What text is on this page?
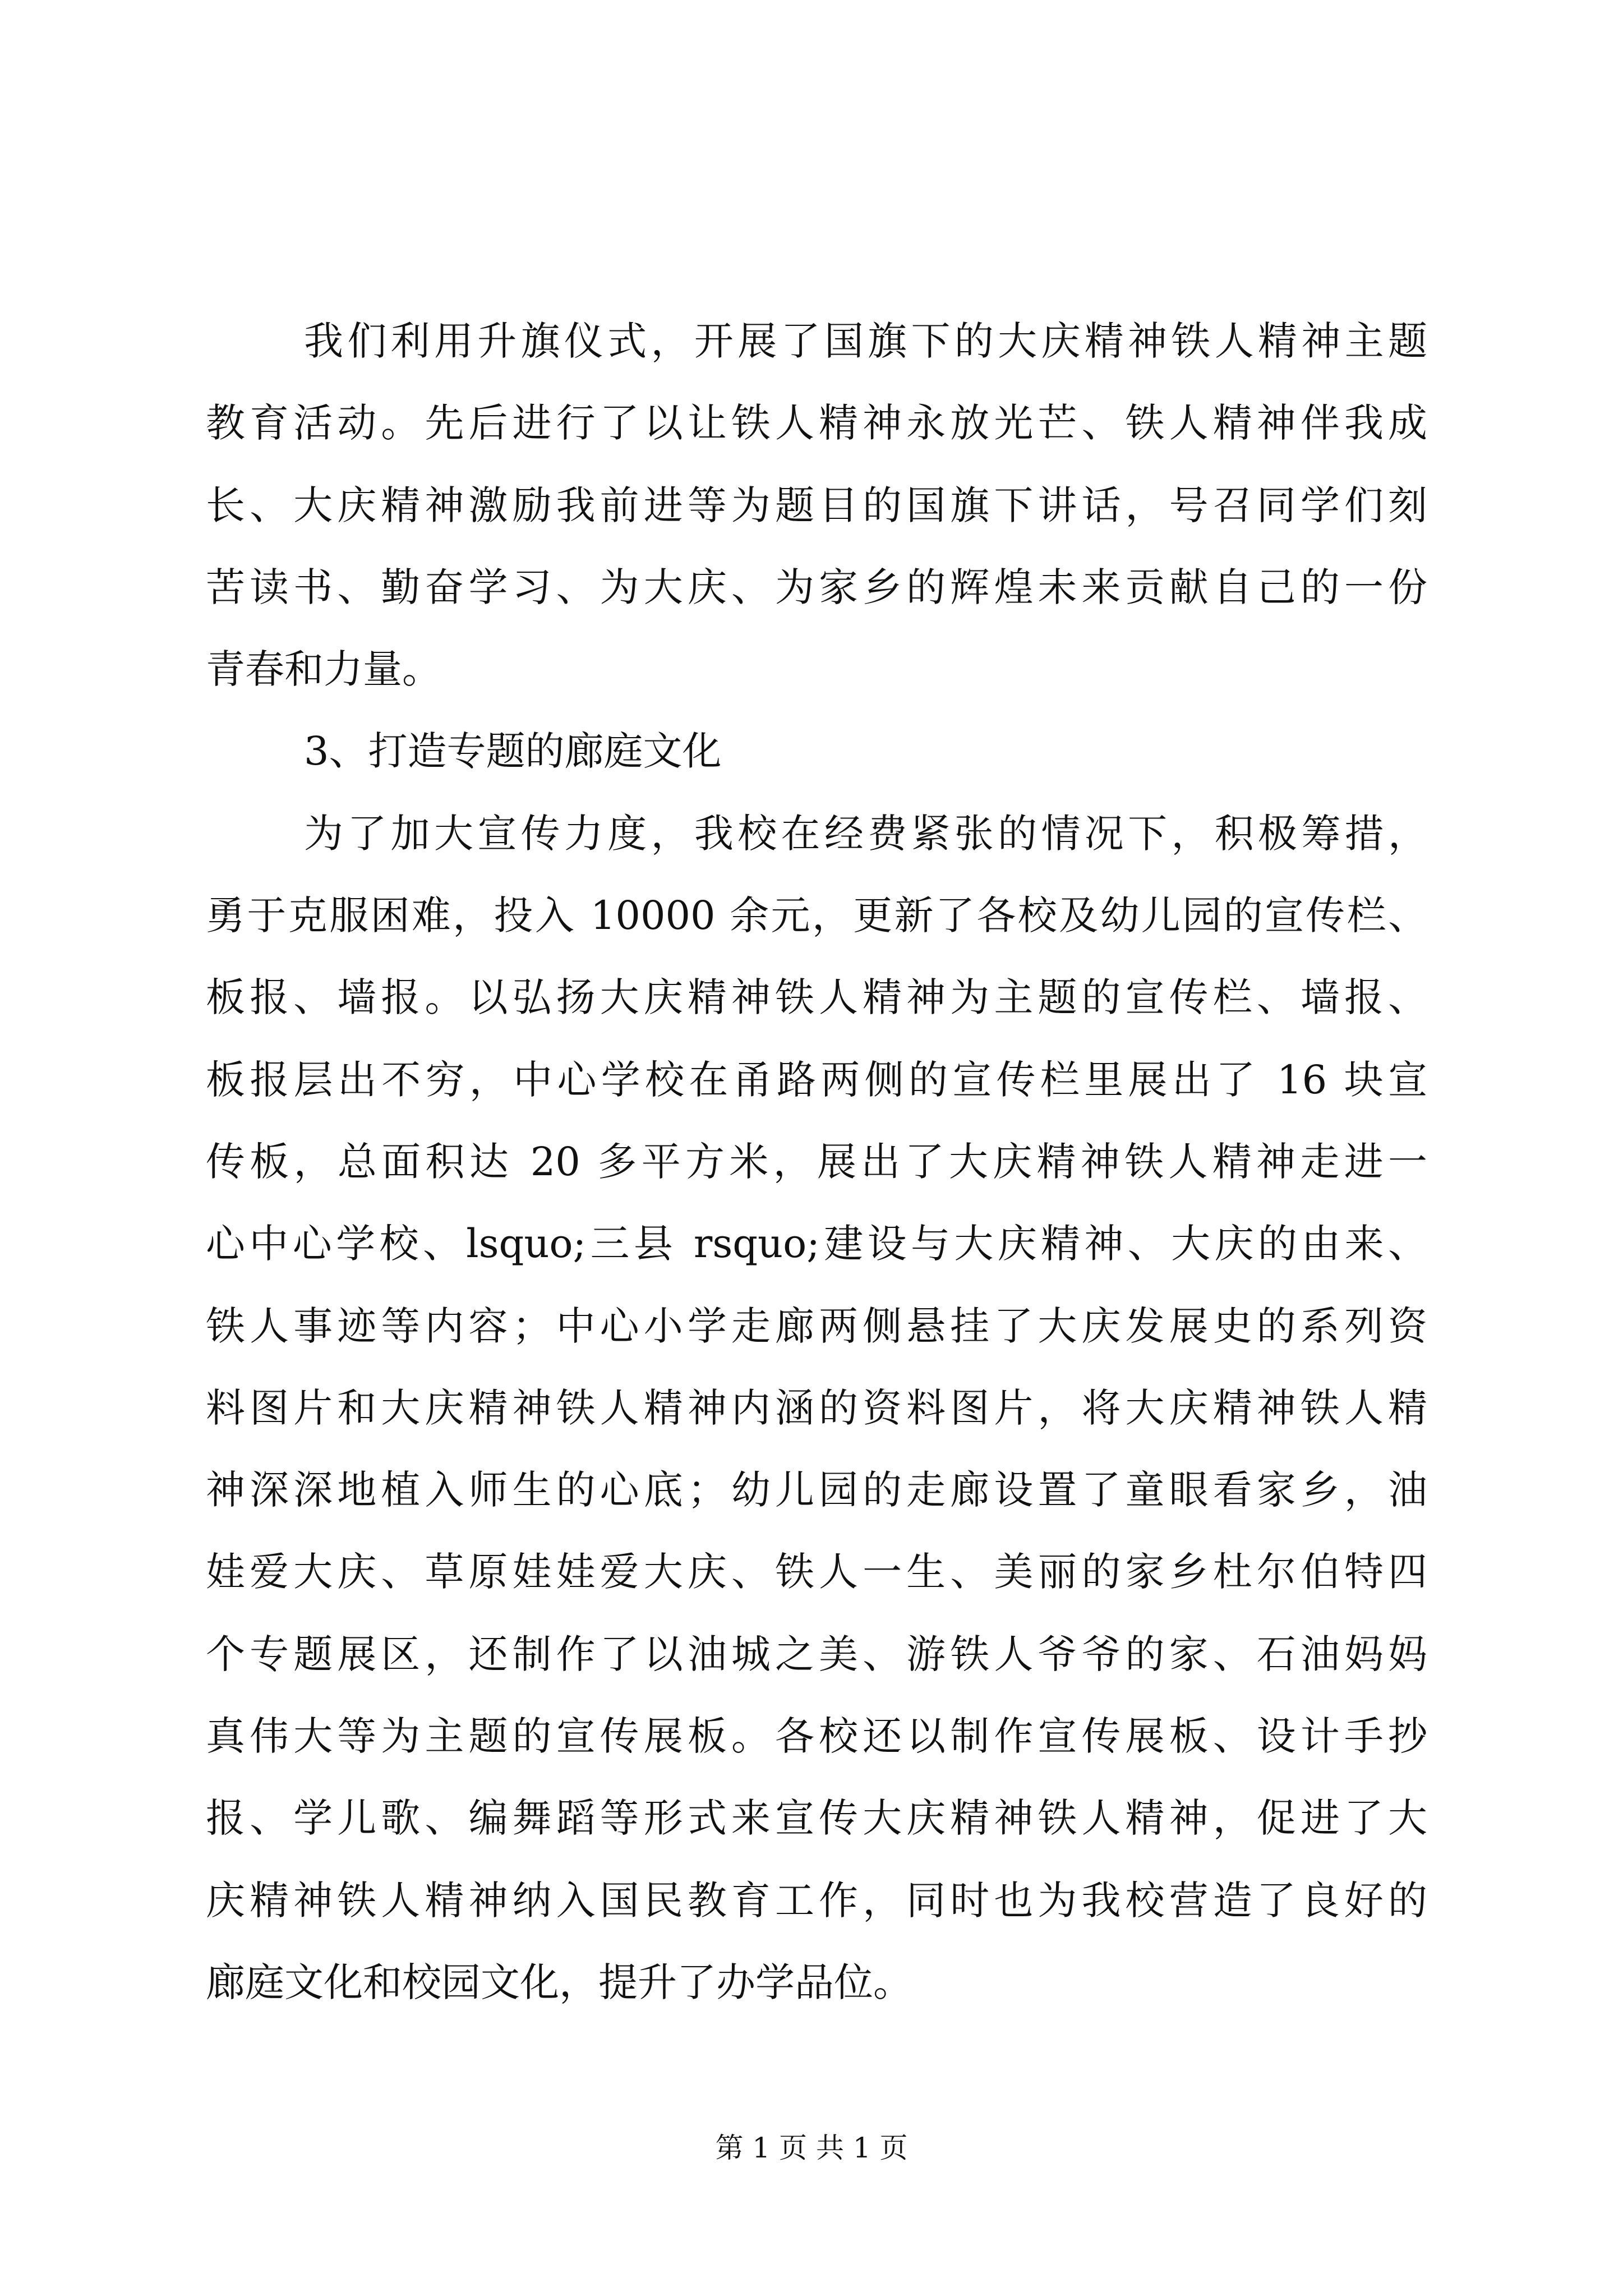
我们利用升旗仪式，开展了国旗下的大庆精神铁人精神主题
教育活动。先后进行了以让铁人精神永放光芒、铁人精神伴我成
长、大庆精神激励我前进等为题目的国旗下讲话，号召同学们刻
苦读书、勤奋学习、为大庆、为家乡的辉煌未来贡献自己的一份
青春和力量。
3、打造专题的廊庭文化
为了加大宣传力度，我校在经费紧张的情况下，积极筹措，
勇于克服困难，投入 10000 余元，更新了各校及幼儿园的宣传栏、
板报、墙报。以弘扬大庆精神铁人精神为主题的宣传栏、墙报、
板报层出不穷，中心学校在甬路两侧的宣传栏里展出了 16 块宣
传板，总面积达 20 多平方米，展出了大庆精神铁人精神走进一
心中心学校、lsquo;三县 rsquo;建设与大庆精神、大庆的由来、
铁人事迹等内容；中心小学走廊两侧悬挂了大庆发展史的系列资
料图片和大庆精神铁人精神内涵的资料图片，将大庆精神铁人精
神深深地植入师生的心底；幼儿园的走廊设置了童眼看家乡，油
娃爱大庆、草原娃娃爱大庆、铁人一生、美丽的家乡杜尔伯特四
个专题展区，还制作了以油城之美、游铁人爷爷的家、石油妈妈
真伟大等为主题的宣传展板。各校还以制作宣传展板、设计手抄
报、学儿歌、编舞蹈等形式来宣传大庆精神铁人精神，促进了大
庆精神铁人精神纳入国民教育工作，同时也为我校营造了良好的
廊庭文化和校园文化，提升了办学品位。
第 1 页 共 1 页
